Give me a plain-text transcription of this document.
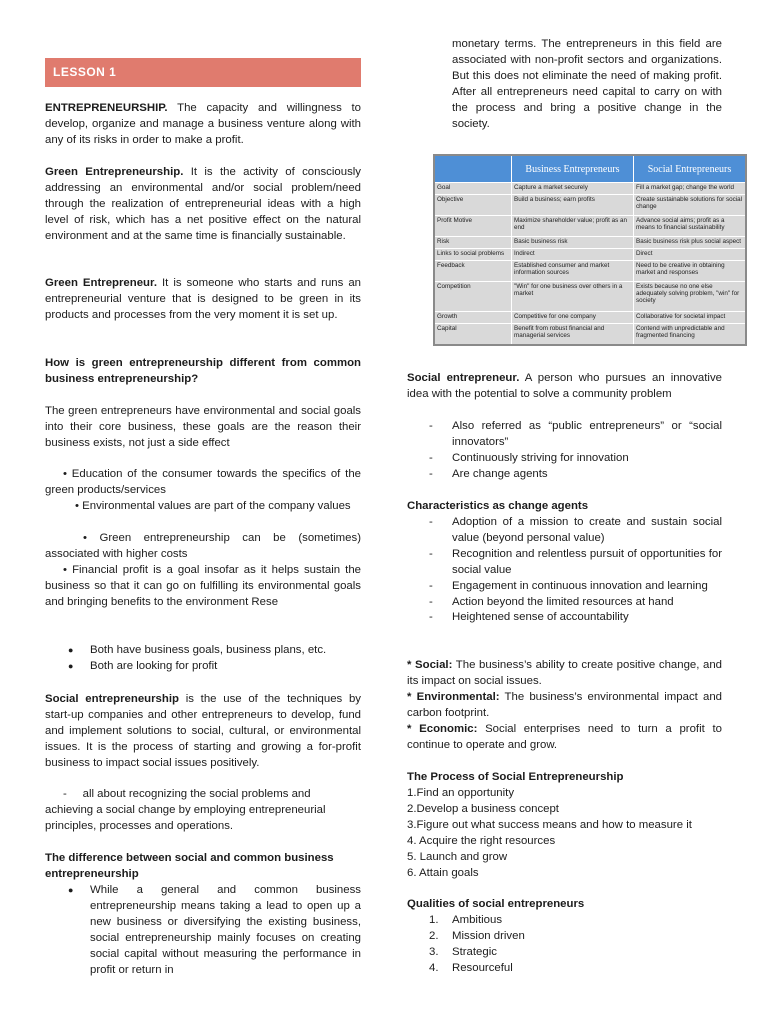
LESSON 1

ENTREPRENEURSHIP. The capacity and willingness to develop, organize and manage a business venture along with any of its risks in order to make a profit.

Green Entrepreneurship. It is the activity of consciously addressing an environmental and/or social problem/need through the realization of entrepreneurial ideas with a high level of risk, which has a net positive effect on the natural environment and at the same time is financially sustainable.

Green Entrepreneur. It is someone who starts and runs an entrepreneurial venture that is designed to be green in its products and processes from the very moment it is set up.

How is green entrepreneurship different from common business entrepreneurship?

The green entrepreneurs have environmental and social goals into their core business, these goals are the reason their business exists, not just a side effect

• Education of the consumer towards the specifics of the green products/services

• Environmental values are part of the company values

• Green entrepreneurship can be (sometimes) associated with higher costs

• Financial profit is a goal insofar as it helps sustain the business so that it can go on fulfilling its environmental goals and bringing benefits to the environment Rese

● Both have business goals, business plans, etc.
● Both are looking for profit

Social entrepreneurship is the use of the techniques by start-up companies and other entrepreneurs to develop, fund and implement solutions to social, cultural, or environmental issues. It is the process of starting and growing a for-profit business to impact social issues positively.

-     all about recognizing the social problems and achieving a social change by employing entrepreneurial principles, processes and operations.

The difference between social and common business entrepreneurship

● While a general and common business entrepreneurship means taking a lead to open up a new business or diversifying the existing business, social entrepreneurship mainly focuses on creating social capital without measuring the performance in profit or return in

monetary terms. The entrepreneurs in this field are associated with non-profit sectors and organizations. But this does not eliminate the need of making profit. After all entrepreneurs need capital to carry on with the process and bring a positive change in the society.

	Business Entrepreneurs	Social Entrepreneurs
Goal	Capture a market securely	Fill a market gap; change the world
Objective	Build a business; earn profits	Create sustainable solutions for social change
Profit Motive	Maximize shareholder value; profit as an end	Advance social aims; profit as a means to financial sustainability
Risk	Basic business risk	Basic business risk plus social aspect
Links to social problems	Indirect	Direct
Feedback	Established consumer and market information sources	Need to be creative in obtaining market and responses
Competition	"Win" for one business over others in a market	Exists because no one else adequately solving problem, "win" for society
Growth	Competitive for one company	Collaborative for societal impact
Capital	Benefit from robust financial and managerial services	Contend with unpredictable and fragmented financing

Social entrepreneur. A person who pursues an innovative idea with the potential to solve a community problem

- Also referred as “public entrepreneurs” or “social innovators”
- Continuously striving for innovation
- Are change agents

Characteristics as change agents

- Adoption of a mission to create and sustain social value (beyond personal value)
- Recognition and relentless pursuit of opportunities for social value
- Engagement in continuous innovation and learning
- Action beyond the limited resources at hand
- Heightened sense of accountability

* Social: The business’s ability to create positive change, and its impact on social issues.

* Environmental: The business’s environmental impact and carbon footprint.

* Economic: Social enterprises need to turn a profit to continue to operate and grow.

The Process of Social Entrepreneurship

1.Find an opportunity

2.Develop a business concept

3.Figure out what success means and how to measure it

4. Acquire the right resources

5. Launch and grow

6. Attain goals

Qualities of social entrepreneurs

1. Ambitious
2. Mission driven
3. Strategic
4. Resourceful
